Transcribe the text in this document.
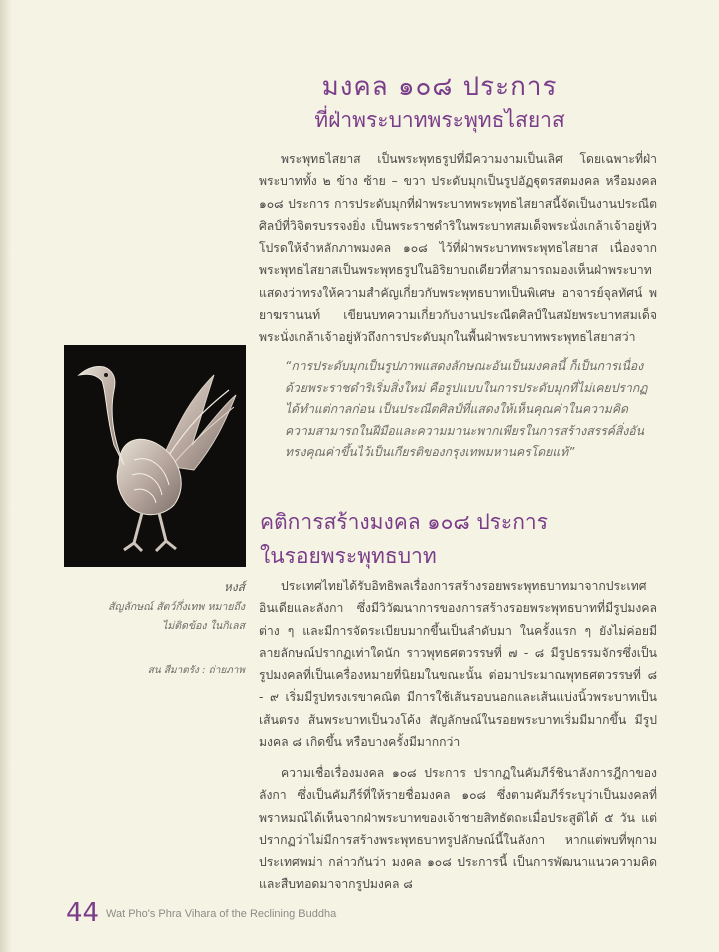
มงคล ๑๐๘ ประการ
ที่ฝ่าพระบาทพระพุทธไสยาส

พระพุทธไสยาส เป็นพระพุทธรูปที่มีความงามเป็นเลิศ โดยเฉพาะที่ฝ่าพระบาททั้ง ๒ ข้าง ซ้าย – ขวา ประดับมุกเป็นรูปอัฏฐุตรสตมงคล หรือมงคล ๑๐๘ ประการ การประดับมุกที่ฝ่าพระบาทพระพุทธไสยาสนี้จัดเป็นงานประณีตศิลป์ที่วิจิตรบรรจงยิ่ง เป็นพระราชดำริในพระบาทสมเด็จพระนั่งเกล้าเจ้าอยู่หัว โปรดให้จำหลักภาพมงคล ๑๐๘ ไว้ที่ฝ่าพระบาทพระพุทธไสยาส เนื่องจากพระพุทธไสยาสเป็นพระพุทธรูปในอิริยาบถเดียวที่สามารถมองเห็นฝ่าพระบาท แสดงว่าทรงให้ความสำคัญเกี่ยวกับพระพุทธบาทเป็นพิเศษ อาจารย์จุลทัศน์ พยาฆรานนท์ เขียนบทความเกี่ยวกับงานประณีตศิลป์ในสมัยพระบาทสมเด็จพระนั่งเกล้าเจ้าอยู่หัวถึงการประดับมุกในพื้นฝ่าพระบาทพระพุทธไสยาสว่า

หงส์

สัญลักษณ์ สัตว์กึ่งเทพ หมายถึง ไม่ติดข้อง ในกิเลส

สน สีมาตรัง : ถ่ายภาพ

“การประดับมุกเป็นรูปภาพแสดงลักษณะอันเป็นมงคลนี้ ก็เป็นการเนื่องด้วยพระราชดำริเริ่มสิ่งใหม่ คือรูปแบบในการประดับมุกที่ไม่เคยปรากฏได้ทำแต่กาลก่อน เป็นประณีตศิลป์ที่แสดงให้เห็นคุณค่าในความคิด ความสามารถในฝีมือและความมานะพากเพียรในการสร้างสรรค์สิ่งอันทรงคุณค่าขึ้นไว้เป็นเกียรติของกรุงเทพมหานครโดยแท้”

คติการสร้างมงคล ๑๐๘ ประการ
ในรอยพระพุทธบาท

ประเทศไทยได้รับอิทธิพลเรื่องการสร้างรอยพระพุทธบาทมาจากประเทศอินเดียและลังกา ซึ่งมีวิวัฒนาการของการสร้างรอยพระพุทธบาทที่มีรูปมงคลต่าง ๆ และมีการจัดระเบียบมากขึ้นเป็นลำดับมา ในครั้งแรก ๆ ยังไม่ค่อยมีลายลักษณ์ปรากฏเท่าใดนัก ราวพุทธศตวรรษที่ ๗ - ๘ มีรูปธรรมจักรซึ่งเป็นรูปมงคลที่เป็นเครื่องหมายที่นิยมในขณะนั้น ต่อมาประมาณพุทธศตวรรษที่ ๘ - ๙ เริ่มมีรูปทรงเรขาคณิต มีการใช้เส้นรอบนอกและเส้นแบ่งนิ้วพระบาทเป็นเส้นตรง ส้นพระบาทเป็นวงโค้ง สัญลักษณ์ในรอยพระบาทเริ่มมีมากขึ้น มีรูปมงคล ๘ เกิดขึ้น หรือบางครั้งมีมากกว่า

ความเชื่อเรื่องมงคล ๑๐๘ ประการ ปรากฏในคัมภีร์ชินาลังการฎีกาของลังกา ซึ่งเป็นคัมภีร์ที่ให้รายชื่อมงคล ๑๐๘ ซึ่งตามคัมภีร์ระบุว่าเป็นมงคลที่พราหมณ์ได้เห็นจากฝ่าพระบาทของเจ้าชายสิทธัตถะเมื่อประสูติได้ ๕ วัน แต่ปรากฏว่าไม่มีการสร้างพระพุทธบาทรูปลักษณ์นี้ในลังกา หากแต่พบที่พุกามประเทศพม่า กล่าวกันว่า มงคล ๑๐๘ ประการนี้ เป็นการพัฒนาแนวความคิดและสืบทอดมาจากรูปมงคล ๘

44 Wat Pho's Phra Vihara of the Reclining Buddha
